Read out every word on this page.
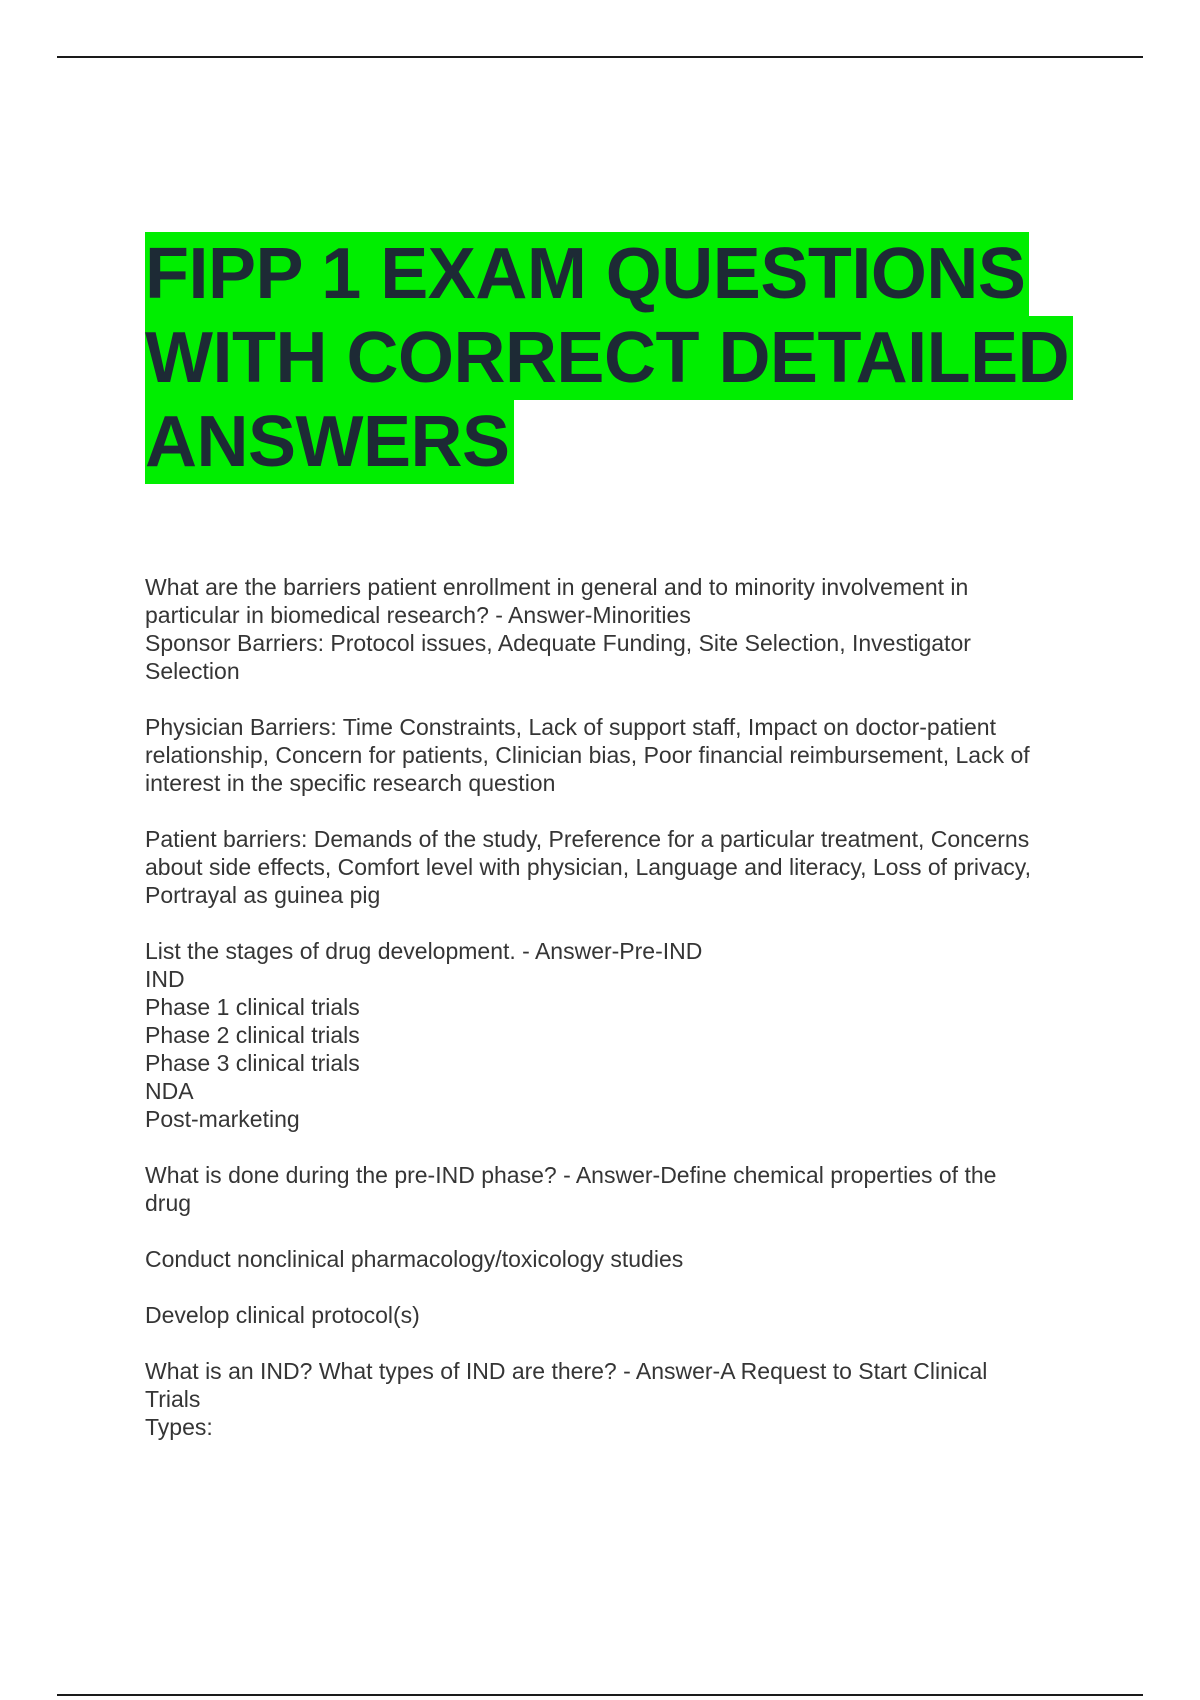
FIPP 1 EXAM QUESTIONS
WITH CORRECT DETAILED
ANSWERS
What are the barriers patient enrollment in general and to minority involvement in
particular in biomedical research? - Answer-Minorities
Sponsor Barriers: Protocol issues, Adequate Funding, Site Selection, Investigator
Selection
Physician Barriers: Time Constraints, Lack of support staff, Impact on doctor-patient
relationship, Concern for patients, Clinician bias, Poor financial reimbursement, Lack of
interest in the specific research question
Patient barriers: Demands of the study, Preference for a particular treatment, Concerns
about side effects, Comfort level with physician, Language and literacy, Loss of privacy,
Portrayal as guinea pig
List the stages of drug development. - Answer-Pre-IND
IND
Phase 1 clinical trials
Phase 2 clinical trials
Phase 3 clinical trials
NDA
Post-marketing
What is done during the pre-IND phase? - Answer-Define chemical properties of the
drug
Conduct nonclinical pharmacology/toxicology studies
Develop clinical protocol(s)
What is an IND? What types of IND are there? - Answer-A Request to Start Clinical
Trials
Types:
